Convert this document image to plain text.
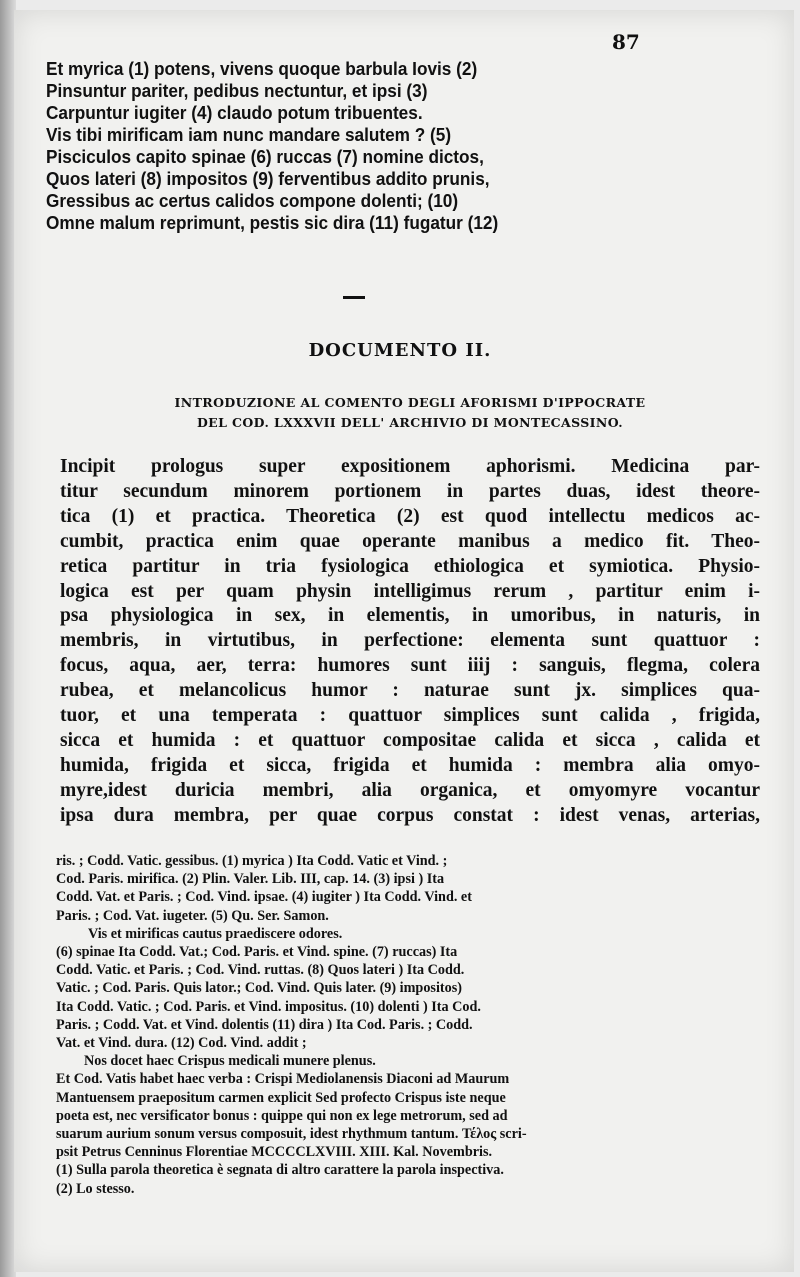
87
Et myrica (1) potens, vivens quoque barbula Iovis (2)
Pinsuntur pariter, pedibus nectuntur, et ipsi (3)
Carpuntur iugiter (4) claudo potum tribuentes.
Vis tibi mirificam iam nunc mandare salutem ? (5)
Pisciculos capito spinae (6) ruccas (7) nomine dictos,
Quos lateri (8) impositos (9) ferventibus addito prunis,
Gressibus ac certus calidos compone dolenti; (10)
Omne malum reprimunt, pestis sic dira (11) fugatur (12)
DOCUMENTO II.
INTRODUZIONE AL COMENTO DEGLI AFORISMI D'IPPOCRATE
DEL COD. LXXXVII DELL' ARCHIVIO DI MONTECASSINO.
Incipit prologus super expositionem aphorismi. Medicina par-
titur secundum minorem portionem in partes duas, idest theore-
tica (1) et practica. Theoretica (2) est quod intellectu medicos ac-
cumbit, practica enim quae operante manibus a medico fit. Theo-
retica partitur in tria fysiologica ethiologica et symiotica. Physio-
logica est per quam physin intelligimus rerum , partitur enim i-
psa physiologica in sex, in elementis, in umoribus, in naturis, in
membris, in virtutibus, in perfectione: elementa sunt quattuor :
focus, aqua, aer, terra: humores sunt iiij : sanguis, flegma, colera
rubea, et melancolicus humor : naturae sunt jx. simplices qua-
tuor, et una temperata : quattuor simplices sunt calida , frigida,
sicca et humida : et quattuor compositae calida et sicca , calida et
humida, frigida et sicca, frigida et humida : membra alia omyo-
myre,idest duricia membri, alia organica, et omyomyre vocantur
ipsa dura membra, per quae corpus constat : idest venas, arterias,
ris. ; Codd. Vatic. gessibus. (1) myrica ) Ita Codd. Vatic et Vind. ;
Cod. Paris. mirifica. (2) Plin. Valer. Lib. III, cap. 14. (3) ipsi ) Ita
Codd. Vat. et Paris. ; Cod. Vind. ipsae. (4) iugiter ) Ita Codd. Vind. et
Paris. ; Cod. Vat. iugeter. (5) Qu. Ser. Samon.
Vis et mirificas cautus praediscere odores.
(6) spinae Ita Codd. Vat.; Cod. Paris. et Vind. spine. (7) ruccas) Ita
Codd. Vatic. et Paris. ; Cod. Vind. ruttas. (8) Quos lateri ) Ita Codd.
Vatic. ; Cod. Paris. Quis lator.; Cod. Vind. Quis later. (9) impositos)
Ita Codd. Vatic. ; Cod. Paris. et Vind. impositus. (10) dolenti ) Ita Cod.
Paris. ; Codd. Vat. et Vind. dolentis (11) dira ) Ita Cod. Paris. ; Codd.
Vat. et Vind. dura. (12) Cod. Vind. addit ;
Nos docet haec Crispus medicali munere plenus.
Et Cod. Vatis habet haec verba : Crispi Mediolanensis Diaconi ad Maurum
Mantuensem praepositum carmen explicit Sed profecto Crispus iste neque
poeta est, nec versificator bonus : quippe qui non ex lege metrorum, sed ad
suarum aurium sonum versus composuit, idest rhythmum tantum. Τέλος scri-
psit Petrus Cenninus Florentiae MCCCCLXVIII. XIII. Kal. Novembris.
(1) Sulla parola theoretica è segnata di altro carattere la parola inspectiva.
(2) Lo stesso.
